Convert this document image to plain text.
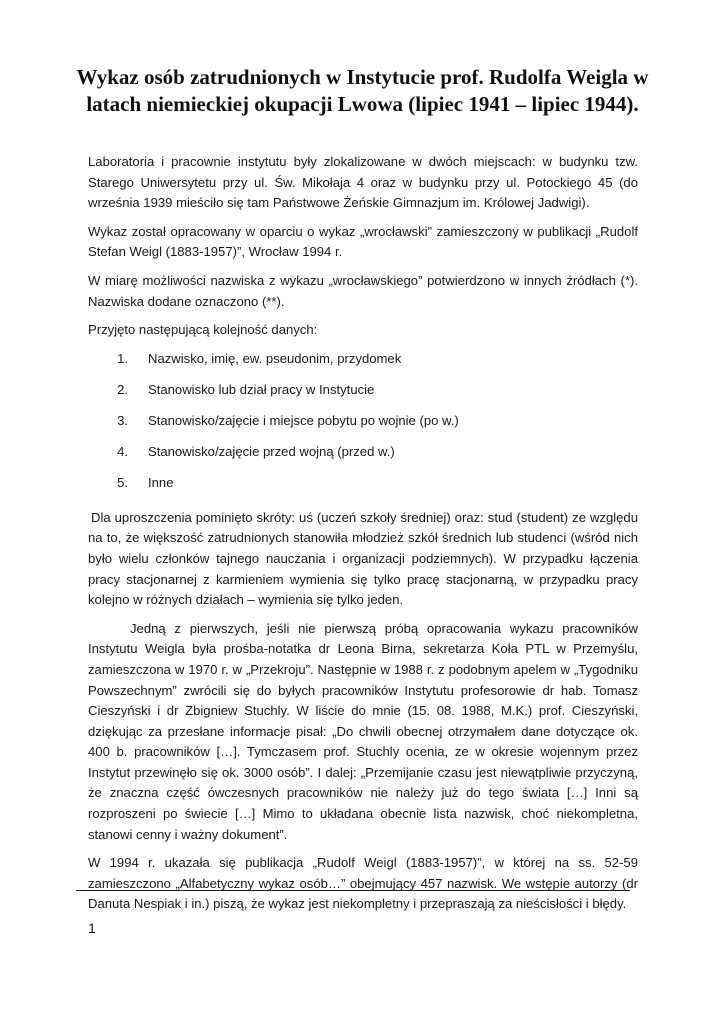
Wykaz osób zatrudnionych w Instytucie prof. Rudolfa Weigla w latach niemieckiej okupacji Lwowa (lipiec 1941 – lipiec 1944).

Laboratoria i pracownie instytutu były zlokalizowane w dwóch miejscach: w budynku tzw. Starego Uniwersytetu przy ul. Św. Mikołaja 4 oraz w budynku przy ul. Potockiego 45 (do września 1939 mieściło się tam Państwowe Żeńskie Gimnazjum im. Królowej Jadwigi).

Wykaz został opracowany w oparciu o wykaz „wrocławski” zamieszczony w publikacji „Rudolf Stefan Weigl (1883-1957)”, Wrocław 1994 r.

W miarę możliwości nazwiska z wykazu „wrocławskiego” potwierdzono w innych źródłach (*). Nazwiska dodane oznaczono (**).

Przyjęto następującą kolejność danych:

1.	Nazwisko, imię, ew. pseudonim, przydomek
2.	Stanowisko lub dział pracy w Instytucie
3.	Stanowisko/zajęcie i miejsce pobytu po wojnie (po w.)
4.	Stanowisko/zajęcie przed wojną (przed w.)
5.	Inne

Dla uproszczenia pominięto skróty: uś (uczeń szkoły średniej) oraz: stud (student) ze względu na to, że większość zatrudnionych stanowiła młodzież szkół średnich lub studenci (wśród nich było wielu członków tajnego nauczania i organizacji podziemnych). W przypadku łączenia pracy stacjonarnej z karmieniem wymienia się tylko pracę stacjonarną, w przypadku pracy kolejno w różnych działach – wymienia się tylko jeden.

Jedną z pierwszych, jeśli nie pierwszą próbą opracowania wykazu pracowników Instytutu Weigla była prośba-notatka dr Leona Birna, sekretarza Koła PTL w Przemyślu, zamieszczona w 1970 r. w „Przekroju”. Następnie w 1988 r. z podobnym apelem w „Tygodniku Powszechnym” zwrócili się do byłych pracowników Instytutu profesorowie dr hab. Tomasz Cieszyński i dr Zbigniew Stuchly. W liście do mnie (15. 08. 1988, M.K.) prof. Cieszyński, dziękując za przesłane informacje pisał: „Do chwili obecnej otrzymałem dane dotyczące ok. 400 b. pracowników […]. Tymczasem prof. Stuchly ocenia, ze w okresie wojennym przez Instytut przewinęło się ok. 3000 osób”. I dalej: „Przemijanie czasu jest niewątpliwie przyczyną, że znaczna część ówczesnych pracowników nie należy już do tego świata […] Inni są rozproszeni po świecie […] Mimo to układana obecnie lista nazwisk, choć niekompletna, stanowi cenny i ważny dokument”.

W 1994 r. ukazała się publikacja „Rudolf Weigl (1883-1957)”, w której na ss. 52-59 zamieszczono „Alfabetyczny wykaz osób…” obejmujący 457 nazwisk. We wstępie autorzy (dr Danuta Nespiak i in.) piszą, że wykaz jest niekompletny i przepraszają za nieścisłości i błędy.

1
